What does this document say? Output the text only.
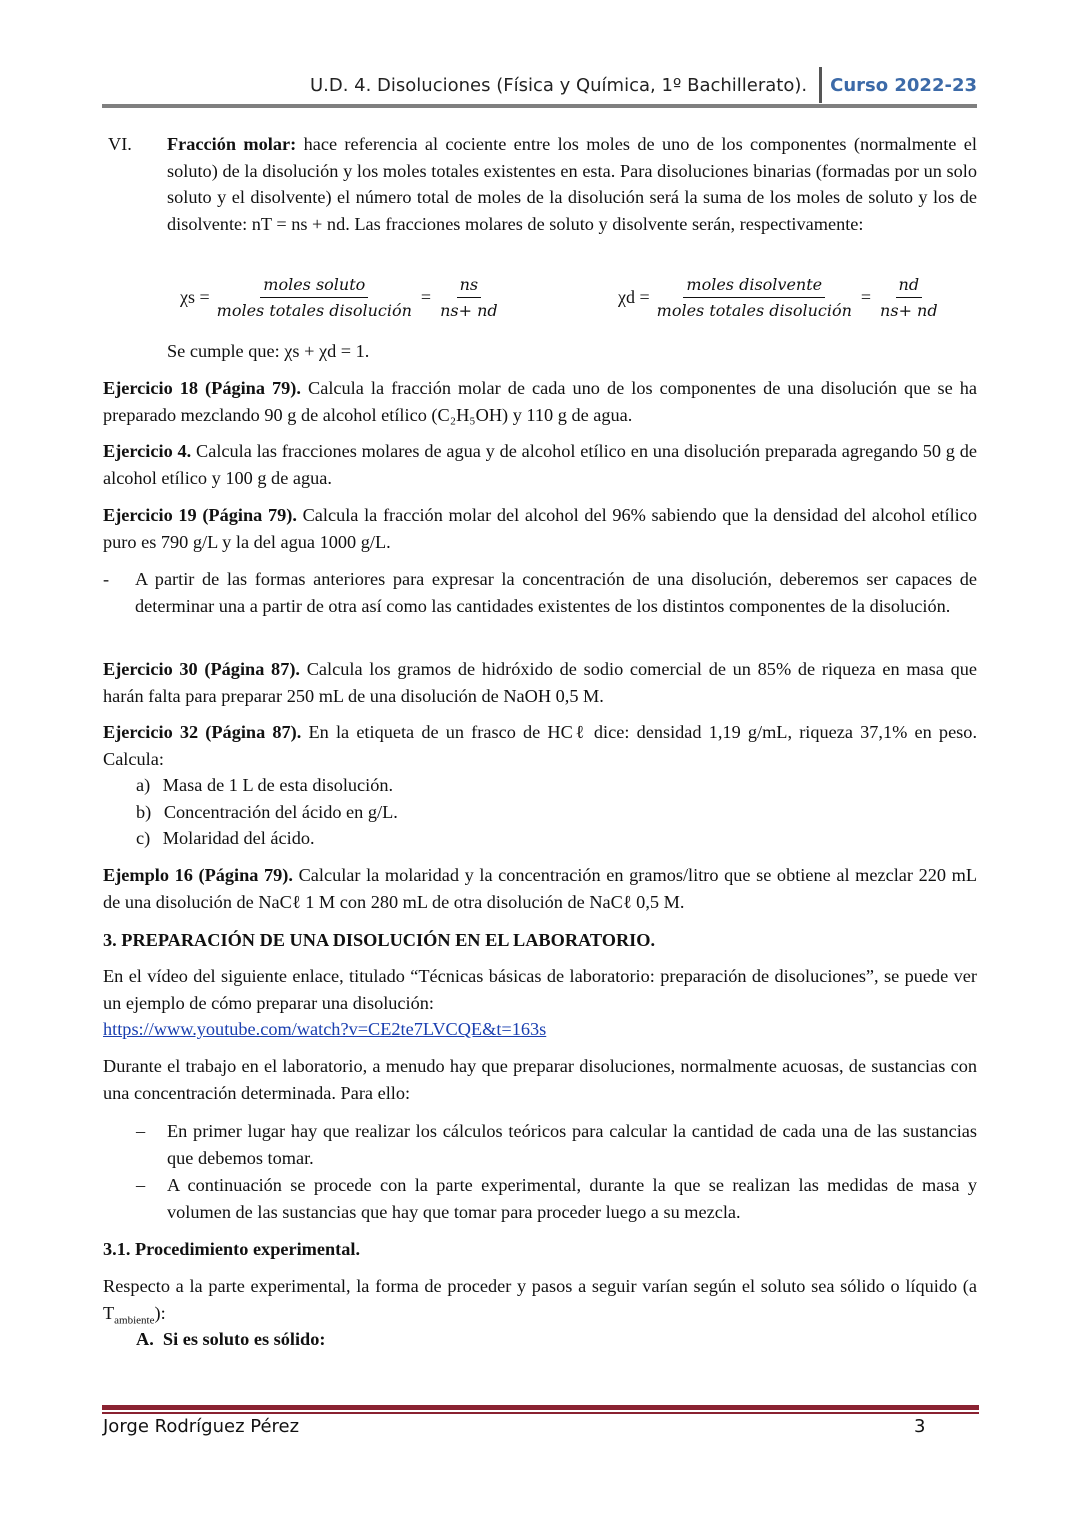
U.D. 4. Disoluciones (Física y Química, 1º Bachillerato).	Curso 2022-23
VI.	Fracción molar: hace referencia al cociente entre los moles de uno de los componentes (normalmente el soluto) de la disolución y los moles totales existentes en esta. Para disoluciones binarias (formadas por un solo soluto y el disolvente) el número total de moles de la disolución será la suma de los moles de soluto y los de disolvente: nT = ns + nd. Las fracciones molares de soluto y disolvente serán, respectivamente:
$\chi s = \frac{\text{moles soluto}}{\text{moles totales disolución}} = \frac{ns}{ns+ nd}$	$\chi d = \frac{\text{moles disolvente}}{\text{moles totales disolución}} = \frac{nd}{ns+ nd}$
Se cumple que: χs + χd = 1.
Ejercicio 18 (Página 79). Calcula la fracción molar de cada uno de los componentes de una disolución que se ha preparado mezclando 90 g de alcohol etílico (C₂H₅OH) y 110 g de agua.
Ejercicio 4. Calcula las fracciones molares de agua y de alcohol etílico en una disolución preparada agregando 50 g de alcohol etílico y 100 g de agua.
Ejercicio 19 (Página 79). Calcula la fracción molar del alcohol del 96% sabiendo que la densidad del alcohol etílico puro es 790 g/L y la del agua 1000 g/L.
- A partir de las formas anteriores para expresar la concentración de una disolución, deberemos ser capaces de determinar una a partir de otra así como las cantidades existentes de los distintos componentes de la disolución.
Ejercicio 30 (Página 87). Calcula los gramos de hidróxido de sodio comercial de un 85% de riqueza en masa que harán falta para preparar 250 mL de una disolución de NaOH 0,5 M.
Ejercicio 32 (Página 87). En la etiqueta de un frasco de HCℓ dice: densidad 1,19 g/mL, riqueza 37,1% en peso. Calcula:
a) Masa de 1 L de esta disolución.
b) Concentración del ácido en g/L.
c) Molaridad del ácido.
Ejemplo 16 (Página 79). Calcular la molaridad y la concentración en gramos/litro que se obtiene al mezclar 220 mL de una disolución de NaCℓ 1 M con 280 mL de otra disolución de NaCℓ 0,5 M.
3. PREPARACIÓN DE UNA DISOLUCIÓN EN EL LABORATORIO.
En el vídeo del siguiente enlace, titulado “Técnicas básicas de laboratorio: preparación de disoluciones”, se puede ver un ejemplo de cómo preparar una disolución:
https://www.youtube.com/watch?v=CE2te7LVCQE&t=163s
Durante el trabajo en el laboratorio, a menudo hay que preparar disoluciones, normalmente acuosas, de sustancias con una concentración determinada. Para ello:
– En primer lugar hay que realizar los cálculos teóricos para calcular la cantidad de cada una de las sustancias que debemos tomar.
– A continuación se procede con la parte experimental, durante la que se realizan las medidas de masa y volumen de las sustancias que hay que tomar para proceder luego a su mezcla.
3.1. Procedimiento experimental.
Respecto a la parte experimental, la forma de proceder y pasos a seguir varían según el soluto sea sólido o líquido (a $T_{ambiente}$):
A.  Si es soluto es sólido:
Jorge Rodríguez Pérez	3
